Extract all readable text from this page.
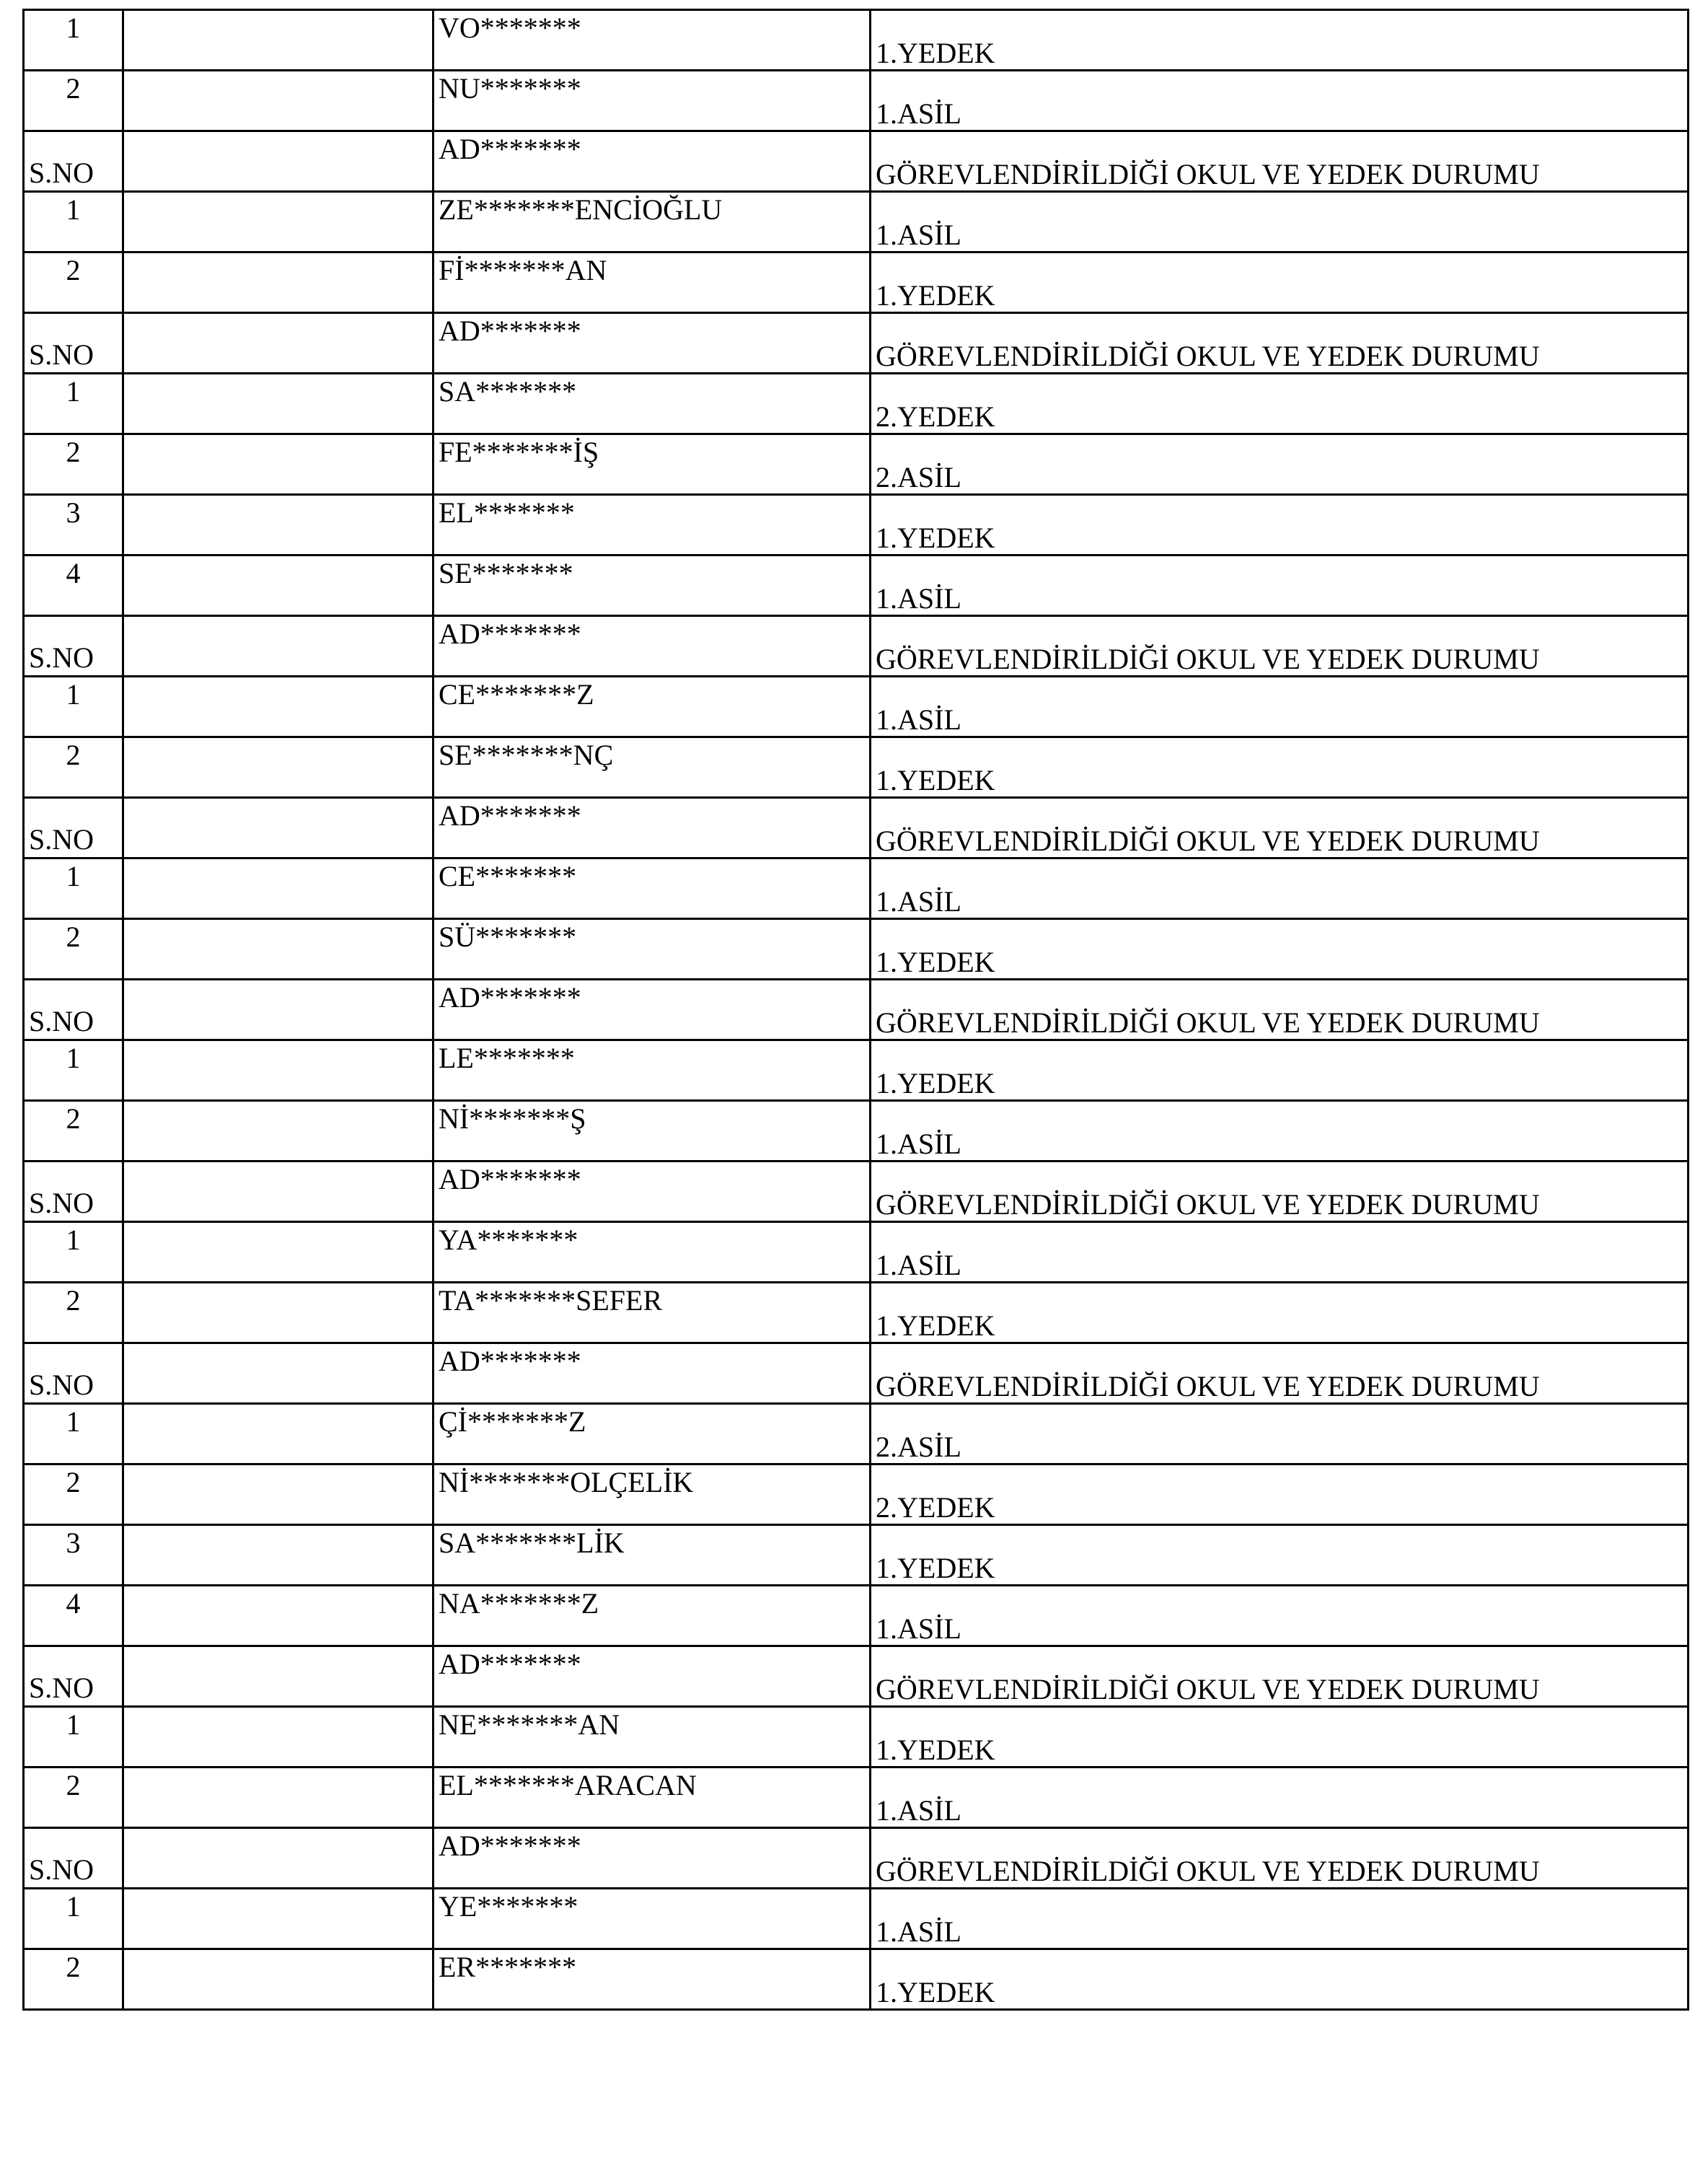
1		VO*******	1.YEDEK

2		NU*******	1.ASİL

S.NO		AD*******	GÖREVLENDİRİLDİĞİ OKUL VE YEDEK DURUMU

1		ZE*******ENCİOĞLU	1.ASİL

2		Fİ*******AN	1.YEDEK

S.NO		AD*******	GÖREVLENDİRİLDİĞİ OKUL VE YEDEK DURUMU

1		SA*******	2.YEDEK

2		FE*******İŞ	2.ASİL

3		EL*******	1.YEDEK

4		SE*******	1.ASİL

S.NO		AD*******	GÖREVLENDİRİLDİĞİ OKUL VE YEDEK DURUMU

1		CE*******Z	1.ASİL

2		SE*******NÇ	1.YEDEK

S.NO		AD*******	GÖREVLENDİRİLDİĞİ OKUL VE YEDEK DURUMU

1		CE*******	1.ASİL

2		SÜ*******	1.YEDEK

S.NO		AD*******	GÖREVLENDİRİLDİĞİ OKUL VE YEDEK DURUMU

1		LE*******	1.YEDEK

2		Nİ*******Ş	1.ASİL

S.NO		AD*******	GÖREVLENDİRİLDİĞİ OKUL VE YEDEK DURUMU

1		YA*******	1.ASİL

2		TA*******SEFER	1.YEDEK

S.NO		AD*******	GÖREVLENDİRİLDİĞİ OKUL VE YEDEK DURUMU

1		Çİ*******Z	2.ASİL

2		Nİ*******OLÇELİK	2.YEDEK

3		SA*******LİK	1.YEDEK

4		NA*******Z	1.ASİL

S.NO		AD*******	GÖREVLENDİRİLDİĞİ OKUL VE YEDEK DURUMU

1		NE*******AN	1.YEDEK

2		EL*******ARACAN	1.ASİL

S.NO		AD*******	GÖREVLENDİRİLDİĞİ OKUL VE YEDEK DURUMU

1		YE*******	1.ASİL

2		ER*******	1.YEDEK
